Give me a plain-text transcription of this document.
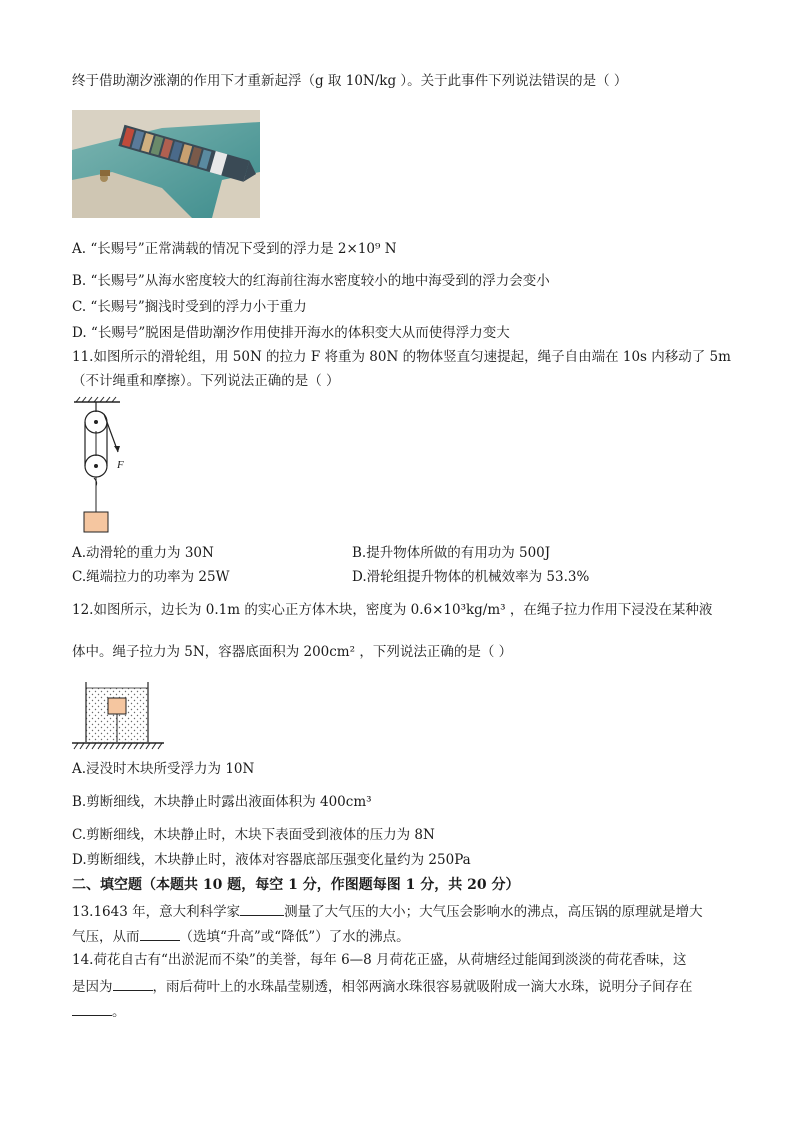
终于借助潮汐涨潮的作用下才重新起浮（g 取 10N/kg ）。关于此事件下列说法错误的是（ ）
A. “长赐号”正常满载的情况下受到的浮力是 2×10⁹ N
B. “长赐号”从海水密度较大的红海前往海水密度较小的地中海受到的浮力会变小
C. “长赐号”搁浅时受到的浮力小于重力
D. “长赐号”脱困是借助潮汐作用使排开海水的体积变大从而使得浮力变大
11.如图所示的滑轮组，用 50N 的拉力 F 将重为 80N 的物体竖直匀速提起，绳子自由端在 10s 内移动了 5m
（不计绳重和摩擦）。下列说法正确的是（ ）
F
A.动滑轮的重力为 30N	B.提升物体所做的有用功为 500J
C.绳端拉力的功率为 25W	D.滑轮组提升物体的机械效率为 53.3%
12.如图所示，边长为 0.1m 的实心正方体木块，密度为 0.6×10³kg/m³ ，在绳子拉力作用下浸没在某种液
体中。绳子拉力为 5N，容器底面积为 200cm² ，下列说法正确的是（ ）
A.浸没时木块所受浮力为 10N
B.剪断细线，木块静止时露出液面体积为 400cm³
C.剪断细线，木块静止时，木块下表面受到液体的压力为 8N
D.剪断细线，木块静止时，液体对容器底部压强变化量约为 250Pa
二、填空题（本题共 10 题，每空 1 分，作图题每图 1 分，共 20 分）
13.1643 年，意大利科学家	测量了大气压的大小；大气压会影响水的沸点，高压锅的原理就是增大
气压，从而	（选填“升高”或“降低”）了水的沸点。
14.荷花自古有“出淤泥而不染”的美誉，每年 6—8 月荷花正盛，从荷塘经过能闻到淡淡的荷花香味，这
是因为	，雨后荷叶上的水珠晶莹剔透，相邻两滴水珠很容易就吸附成一滴大水珠，说明分子间存在
。
